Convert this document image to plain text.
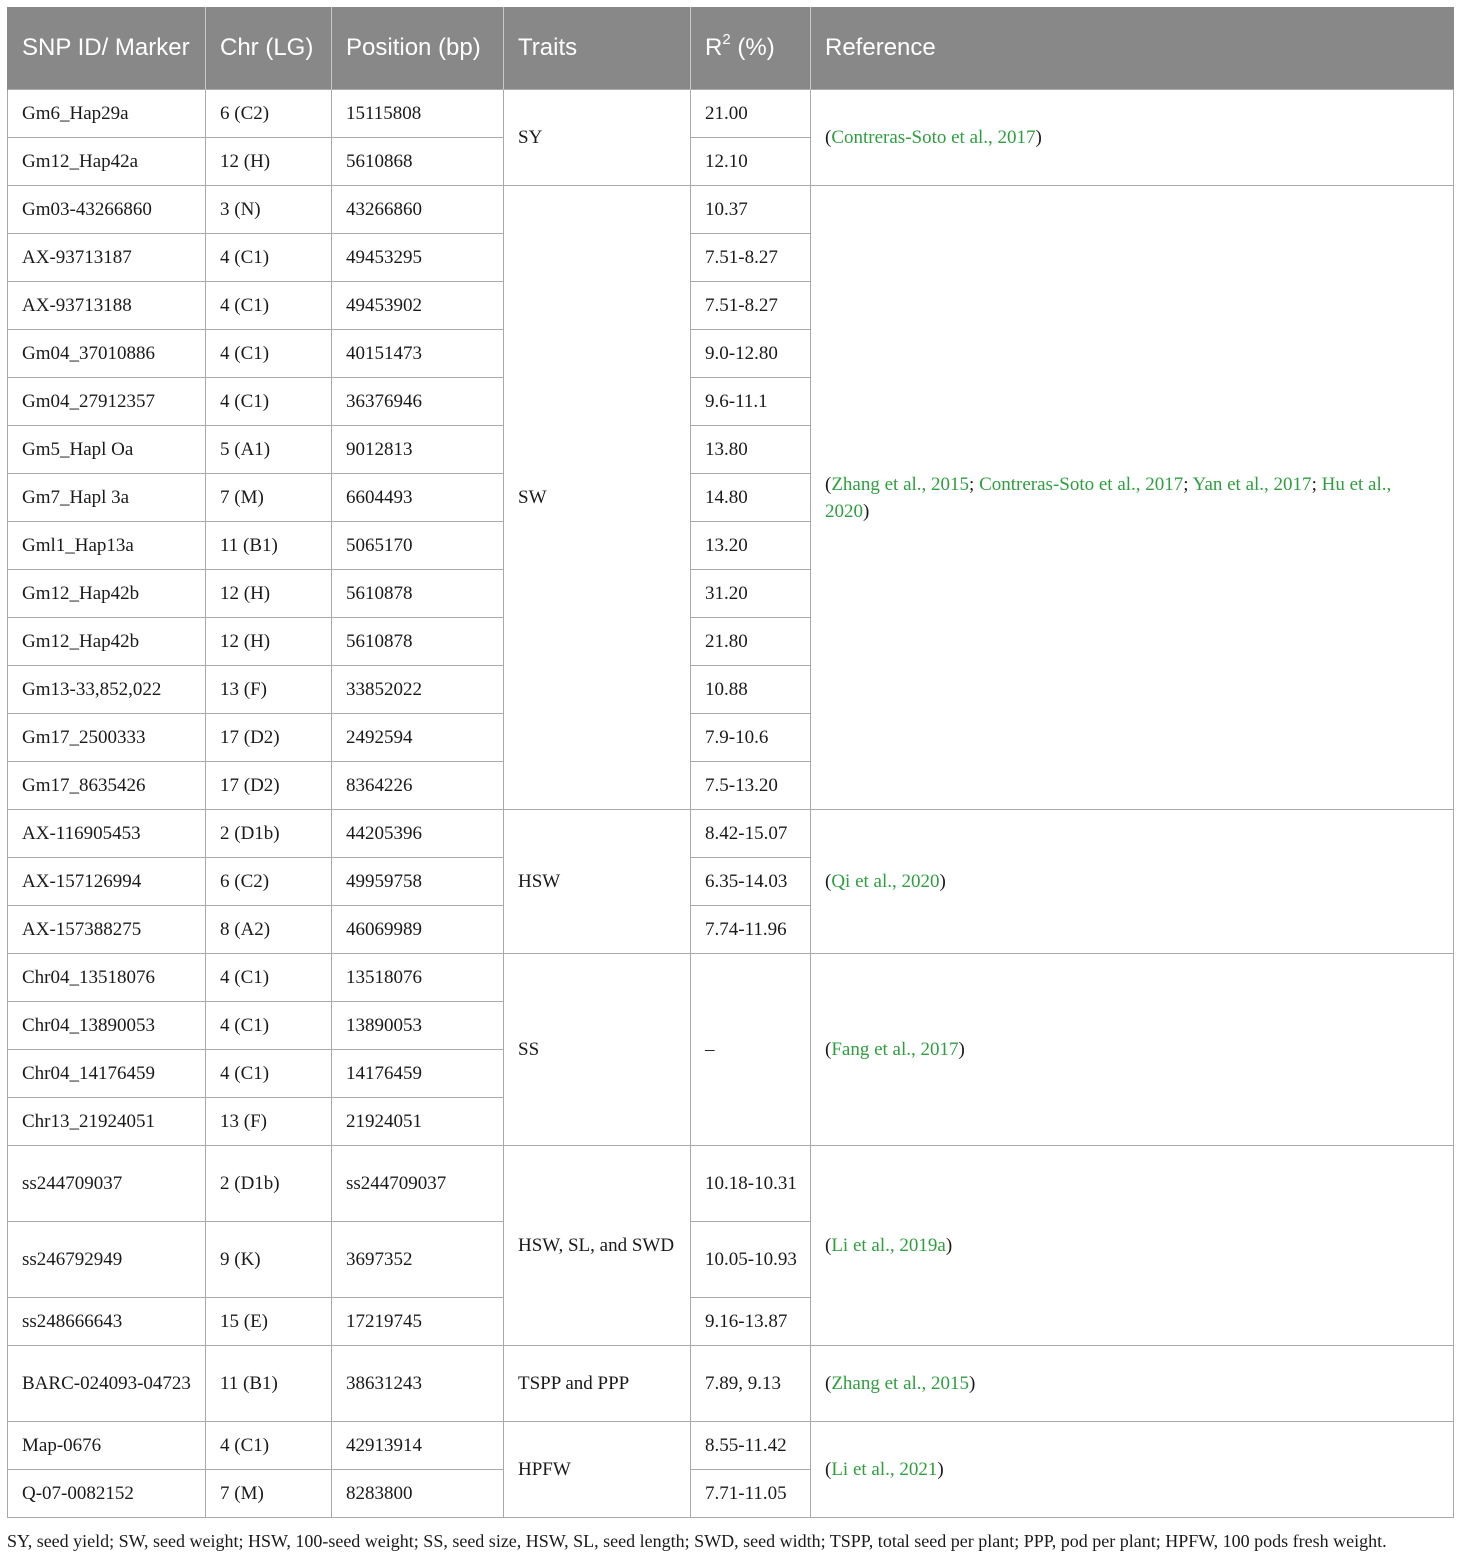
SNP ID/ Marker	Chr (LG)	Position (bp)	Traits	$R^2$ (%)	Reference
Gm6_Hap29a	6 (C2)	15115808	SY	21.00	(Contreras-Soto et al., 2017)
Gm12_Hap42a	12 (H)	5610868		12.10	
Gm03-43266860	3 (N)	43266860	SW	10.37	(Zhang et al., 2015; Contreras-Soto et al., 2017; Yan et al., 2017; Hu et al., 2020)
AX-93713187	4 (C1)	49453295		7.51-8.27	
AX-93713188	4 (C1)	49453902		7.51-8.27	
Gm04_37010886	4 (C1)	40151473		9.0-12.80	
Gm04_27912357	4 (C1)	36376946		9.6-11.1	
Gm5_Hapl Oa	5 (A1)	9012813		13.80	
Gm7_Hapl 3a	7 (M)	6604493		14.80	
Gml1_Hap13a	11 (B1)	5065170		13.20	
Gm12_Hap42b	12 (H)	5610878		31.20	
Gm12_Hap42b	12 (H)	5610878		21.80	
Gm13-33,852,022	13 (F)	33852022		10.88	
Gm17_2500333	17 (D2)	2492594		7.9-10.6	
Gm17_8635426	17 (D2)	8364226		7.5-13.20	
AX-116905453	2 (D1b)	44205396	HSW	8.42-15.07	(Qi et al., 2020)
AX-157126994	6 (C2)	49959758		6.35-14.03	
AX-157388275	8 (A2)	46069989		7.74-11.96	
Chr04_13518076	4 (C1)	13518076	SS	–	(Fang et al., 2017)
Chr04_13890053	4 (C1)	13890053			
Chr04_14176459	4 (C1)	14176459			
Chr13_21924051	13 (F)	21924051			
ss244709037	2 (D1b)	ss244709037	HSW, SL, and SWD	10.18-10.31	(Li et al., 2019a)
ss246792949	9 (K)	3697352		10.05-10.93	
ss248666643	15 (E)	17219745		9.16-13.87	
BARC-024093-04723	11 (B1)	38631243	TSPP and PPP	7.89, 9.13	(Zhang et al., 2015)
Map-0676	4 (C1)	42913914	HPFW	8.55-11.42	(Li et al., 2021)
Q-07-0082152	7 (M)	8283800		7.71-11.05	
SY, seed yield; SW, seed weight; HSW, 100-seed weight; SS, seed size, HSW, SL, seed length; SWD, seed width; TSPP, total seed per plant; PPP, pod per plant; HPFW, 100 pods fresh weight.
